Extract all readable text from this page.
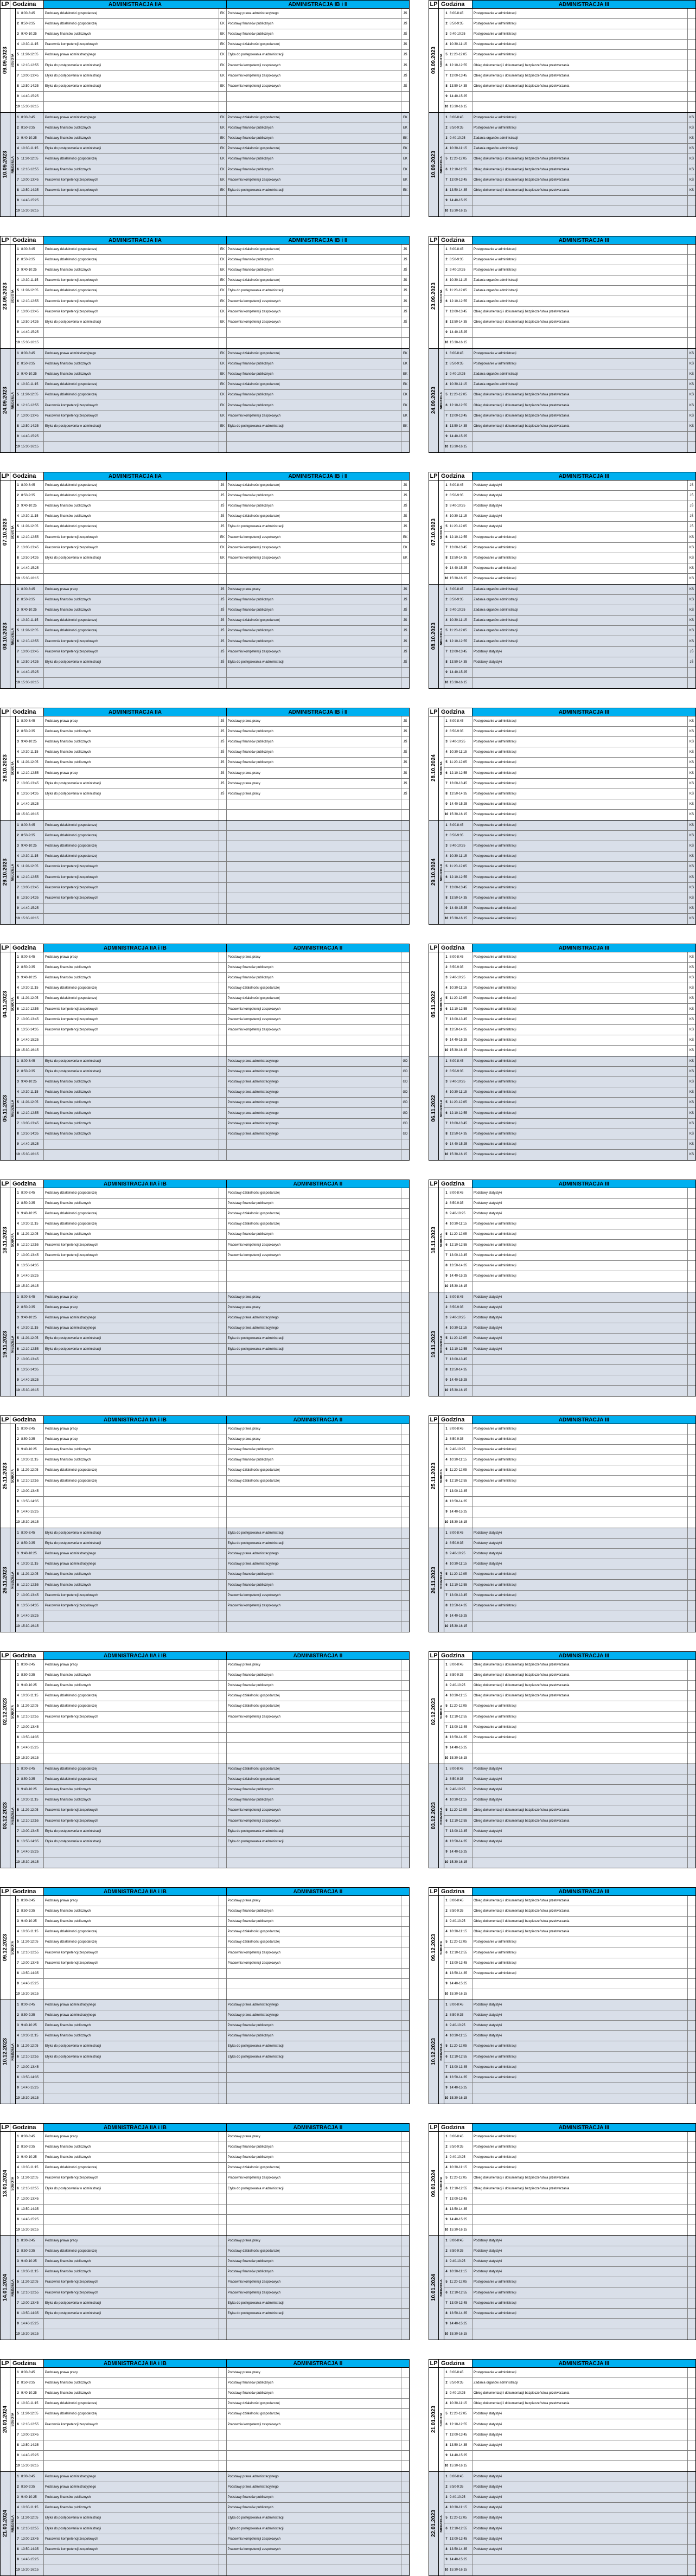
LP Godzina	ADMINISTRACJA IIA	ADMINISTRACJA IB i II	LP Godzina	ADMINISTRACJA III
09.09.2023 SOBOTA
1 8:00-8:45	Podstawy działalności gospodarczej	EK Podstawy prawa administracyjnego	JŚ
2 8:50-9:35	Podstawy działalności gospodarczej	EK Podstawy finansów publicznych	JŚ
3 9:40-10:25	Podstawy finansów publicznych	EK Podstawy finansów publicznych	JŚ
4 10:30-11:15	Pracownia kompetencji zespołowych	EK Podstawy działalności gospodarczej	JŚ
5 11:20-12:05	Podstawy prawa administracyjnego	EK Etyka do postępowania w administracji	JŚ
6 12:10-12:55	Etyka do postępowania w administracji	EK Pracownia kompetencji zespołowych	JŚ
7 13:00-13:45	Etyka do postępowania w administracji	EK Pracownia kompetencji zespołowych	JŚ
8 13:50-14:35	Etyka do postępowania w administracji	EK Pracownia kompetencji zespołowych	JŚ
9 14:40-15:25
10 15:30-16:15
09.09.2023 SOBOTA
1 8:00-8:45	Postępowanie w administracji
2 8:50-9:35	Postępowanie w administracji
3 9:40-10:25	Postępowanie w administracji
4 10:30-11:15	Postępowanie w administracji
5 11:20-12:05	Postępowanie w administracji
6 12:10-12:55	Obieg dokumentacji i dokumentacji bezpieczeństwa przetwarzania
7 13:00-13:45	Obieg dokumentacji i dokumentacji bezpieczeństwa przetwarzania
8 13:50-14:35	Obieg dokumentacji i dokumentacji bezpieczeństwa przetwarzania
9 14:40-15:25
10 15:30-16:15
10.09.2023 NIEDZIELA
1 8:00-8:45	Podstawy prawa administracyjnego	EK Podstawy działalności gospodarczej	EK
2 8:50-9:35	Podstawy finansów publicznych	EK Podstawy finansów publicznych	EK
3 9:40-10:25	Podstawy finansów publicznych	EK Podstawy finansów publicznych	EK
4 10:30-11:15	Etyka do postępowania w administracji	EK Podstawy działalności gospodarczej	EK
5 11:20-12:05	Podstawy działalności gospodarczej	EK Podstawy finansów publicznych	EK
6 12:10-12:55	Podstawy finansów publicznych	EK Podstawy finansów publicznych	EK
7 13:00-13:45	Pracownia kompetencji zespołowych	EK Pracownia kompetencji zespołowych	EK
8 13:50-14:35	Pracownia kompetencji zespołowych	EK Etyka do postępowania w administracji	EK
9 14:40-15:25
10 15:30-16:15
10.09.2023 NIEDZIELA
1 8:00-8:45	Postępowanie w administracji	KŚ
2 8:50-9:35	Postępowanie w administracji	KŚ
3 9:40-10:25	Zadania organów administracji	KŚ
4 10:30-11:15	Zadania organów administracji	KŚ
5 11:20-12:05	Obieg dokumentacji i dokumentacji bezpieczeństwa przetwarzania	KŚ
6 12:10-12:55	Obieg dokumentacji i dokumentacji bezpieczeństwa przetwarzania	KŚ
7 13:00-13:45	Obieg dokumentacji i dokumentacji bezpieczeństwa przetwarzania	KŚ
8 13:50-14:35	Obieg dokumentacji i dokumentacji bezpieczeństwa przetwarzania	KŚ
9 14:40-15:25
10 15:30-16:15
LP Godzina	ADMINISTRACJA IIA	ADMINISTRACJA IB i II	LP Godzina	ADMINISTRACJA III
23.09.2023 SOBOTA
1 8:00-8:45	Podstawy działalności gospodarczej	EK Podstawy działalności gospodarczej	JŚ
2 8:50-9:35	Podstawy działalności gospodarczej	EK Podstawy finansów publicznych	JŚ
3 9:40-10:25	Podstawy finansów publicznych	EK Podstawy finansów publicznych	JŚ
4 10:30-11:15	Pracownia kompetencji zespołowych	EK Podstawy działalności gospodarczej	JŚ
5 11:20-12:05	Podstawy działalności gospodarczej	EK Etyka do postępowania w administracji	JŚ
6 12:10-12:55	Pracownia kompetencji zespołowych	EK Pracownia kompetencji zespołowych	JŚ
7 13:00-13:45	Pracownia kompetencji zespołowych	EK Pracownia kompetencji zespołowych	JŚ
8 13:50-14:35	Etyka do postępowania w administracji	EK Pracownia kompetencji zespołowych	JŚ
9 14:40-15:25
10 15:30-16:15
23.09.2023 SOBOTA
1 8:00-8:45	Postępowanie w administracji
2 8:50-9:35	Postępowanie w administracji
3 9:40-10:25	Postępowanie w administracji
4 10:30-11:15	Zadania organów administracji
5 11:20-12:05	Zadania organów administracji
6 12:10-12:55	Zadania organów administracji
7 13:00-13:45	Obieg dokumentacji i dokumentacji bezpieczeństwa przetwarzania
8 13:50-14:35	Obieg dokumentacji i dokumentacji bezpieczeństwa przetwarzania
9 14:40-15:25
10 15:30-16:15
24.09.2023 NIEDZIELA
1 8:00-8:45	Podstawy prawa administracyjnego	EK Podstawy działalności gospodarczej	EK
2 8:50-9:35	Podstawy finansów publicznych	EK Podstawy finansów publicznych	EK
3 9:40-10:25	Podstawy finansów publicznych	EK Podstawy finansów publicznych	EK
4 10:30-11:15	Podstawy działalności gospodarczej	EK Podstawy działalności gospodarczej	EK
5 11:20-12:05	Podstawy działalności gospodarczej	EK Podstawy finansów publicznych	EK
6 12:10-12:55	Pracownia kompetencji zespołowych	EK Podstawy finansów publicznych	EK
7 13:00-13:45	Pracownia kompetencji zespołowych	EK Pracownia kompetencji zespołowych	EK
8 13:50-14:35	Etyka do postępowania w administracji	EK Etyka do postępowania w administracji	EK
9 14:40-15:25
10 15:30-16:15
24.09.2023 NIEDZIELA
1 8:00-8:45	Postępowanie w administracji	KŚ
2 8:50-9:35	Postępowanie w administracji	KŚ
3 9:40-10:25	Zadania organów administracji	KŚ
4 10:30-11:15	Zadania organów administracji	KŚ
5 11:20-12:05	Obieg dokumentacji i dokumentacji bezpieczeństwa przetwarzania	KŚ
6 12:10-12:55	Obieg dokumentacji i dokumentacji bezpieczeństwa przetwarzania	KŚ
7 13:00-13:45	Obieg dokumentacji i dokumentacji bezpieczeństwa przetwarzania	KŚ
8 13:50-14:35	Obieg dokumentacji i dokumentacji bezpieczeństwa przetwarzania	KŚ
9 14:40-15:25
10 15:30-16:15
LP Godzina	ADMINISTRACJA IIA	ADMINISTRACJA IB i II	LP Godzina	ADMINISTRACJA III
07.10.2023 SOBOTA
1 8:00-8:45	Podstawy działalności gospodarczej	JŚ	Podstawy działalności gospodarczej	JŚ
2 8:50-9:35	Podstawy działalności gospodarczej	JŚ	Podstawy finansów publicznych	JŚ
3 9:40-10:25	Podstawy finansów publicznych	JŚ	Podstawy finansów publicznych	JŚ
4 10:30-11:15	Podstawy finansów publicznych	JŚ	Podstawy działalności gospodarczej	JŚ
5 11:20-12:05	Podstawy działalności gospodarczej	JŚ	Etyka do postępowania w administracji	JŚ
6 12:10-12:55	Pracownia kompetencji zespołowych	EK Pracownia kompetencji zespołowych	EK
7 13:00-13:45	Pracownia kompetencji zespołowych	EK Pracownia kompetencji zespołowych	EK
8 13:50-14:35	Etyka do postępowania w administracji	EK Pracownia kompetencji zespołowych	EK
9 14:40-15:25
10 15:30-16:15
07.10.2023 SOBOTA
1 8:00-8:45	Podstawy statystyki	JŚ
2 8:50-9:35	Podstawy statystyki	JŚ
3 9:40-10:25	Podstawy statystyki	JŚ
4 10:30-11:15	Podstawy statystyki	JŚ
5 11:20-12:05	Podstawy statystyki	JŚ
6 12:10-12:55	Postępowanie w administracji	KŚ
7 13:00-13:45	Postępowanie w administracji	KŚ
8 13:50-14:35	Postępowanie w administracji	KŚ
9 14:40-15:25	Postępowanie w administracji	KŚ
10 15:30-16:15	Postępowanie w administracji	KŚ
08.10.2023 NIEDZIELA
1 8:00-8:45	Podstawy prawa pracy	JŚ	Podstawy prawa pracy	JŚ
2 8:50-9:35	Podstawy finansów publicznych	JŚ	Podstawy finansów publicznych	JŚ
3 9:40-10:25	Podstawy finansów publicznych	JŚ	Podstawy finansów publicznych	JŚ
4 10:30-11:15	Podstawy działalności gospodarczej	JŚ	Podstawy działalności gospodarczej	JŚ
5 11:20-12:05	Podstawy działalności gospodarczej	JŚ	Podstawy finansów publicznych	JŚ
6 12:10-12:55	Pracownia kompetencji zespołowych	JŚ	Podstawy finansów publicznych	JŚ
7 13:00-13:45	Pracownia kompetencji zespołowych	JŚ	Pracownia kompetencji zespołowych	JŚ
8 13:50-14:35	Etyka do postępowania w administracji	JŚ	Etyka do postępowania w administracji	JŚ
9 14:40-15:25
10 15:30-16:15
08.10.2023 NIEDZIELA
1 8:00-8:45	Zadania organów administracji	KŚ
2 8:50-9:35	Zadania organów administracji	KŚ
3 9:40-10:25	Zadania organów administracji	KŚ
4 10:30-11:15	Zadania organów administracji	KŚ
5 11:20-12:05	Zadania organów administracji	KŚ
6 12:10-12:55	Zadania organów administracji	KŚ
7 13:00-13:45	Podstawy statystyki	JŚ
8 13:50-14:35	Podstawy statystyki	JŚ
9 14:40-15:25
10 15:30-16:15
LP Godzina	ADMINISTRACJA IIA	ADMINISTRACJA IB i II	LP Godzina	ADMINISTRACJA III
28.10.2023 SOBOTA
1 8:00-8:45	Podstawy prawa pracy	JŚ	Podstawy prawa pracy	JŚ
2 8:50-9:35	Podstawy finansów publicznych	JŚ	Podstawy finansów publicznych	JŚ
3 9:40-10:25	Podstawy finansów publicznych	JŚ	Podstawy finansów publicznych	JŚ
4 10:30-11:15	Podstawy finansów publicznych	JŚ	Podstawy finansów publicznych	JŚ
5 11:20-12:05	Podstawy finansów publicznych	JŚ	Podstawy finansów publicznych	JŚ
6 12:10-12:55	Podstawy prawa pracy	JŚ	Podstawy prawa pracy	JŚ
7 13:00-13:45	Etyka do postępowania w administracji	JŚ	Podstawy prawa pracy	JŚ
8 13:50-14:35	Etyka do postępowania w administracji	JŚ	Podstawy prawa pracy	JŚ
9 14:40-15:25
10 15:30-16:15
28.10.2024 SOBOTA
1 8:00-8:45	Postępowanie w administracji	KŚ
2 8:50-9:35	Postępowanie w administracji	KŚ
3 9:40-10:25	Postępowanie w administracji	KŚ
4 10:30-11:15	Postępowanie w administracji	KŚ
5 11:20-12:05	Postępowanie w administracji	KŚ
6 12:10-12:55	Postępowanie w administracji	KŚ
7 13:00-13:45	Postępowanie w administracji	KŚ
8 13:50-14:35	Postępowanie w administracji	KŚ
9 14:40-15:25	Postępowanie w administracji	KŚ
10 15:30-16:15	Postępowanie w administracji	KŚ
29.10.2023 NIEDZIELA
1 8:00-8:45	Podstawy działalności gospodarczej
2 8:50-9:35	Podstawy działalności gospodarczej
3 9:40-10:25	Podstawy działalności gospodarczej
4 10:30-11:15	Podstawy działalności gospodarczej
5 11:20-12:05	Pracownia kompetencji zespołowych
6 12:10-12:55	Pracownia kompetencji zespołowych
7 13:00-13:45	Pracownia kompetencji zespołowych
8 13:50-14:35	Pracownia kompetencji zespołowych
9 14:40-15:25
10 15:30-16:15
29.10.2024 NIEDZIELA
1 8:00-8:45	Postępowanie w administracji	KŚ
2 8:50-9:35	Postępowanie w administracji	KŚ
3 9:40-10:25	Postępowanie w administracji	KŚ
4 10:30-11:15	Postępowanie w administracji	KŚ
5 11:20-12:05	Postępowanie w administracji	KŚ
6 12:10-12:55	Postępowanie w administracji	KŚ
7 13:00-13:45	Postępowanie w administracji	KŚ
8 13:50-14:35	Postępowanie w administracji	KŚ
9 14:40-15:25	Postępowanie w administracji	KŚ
10 15:30-16:15	Postępowanie w administracji	KŚ
LP Godzina	ADMINISTRACJA IIA i IB	ADMINISTRACJA II	LP Godzina	ADMINISTRACJA III
04.11.2023 SOBOTA
1 8:00-8:45	Podstawy prawa pracy	Podstawy prawa pracy
2 8:50-9:35	Podstawy finansów publicznych	Podstawy finansów publicznych
3 9:40-10:25	Podstawy finansów publicznych	Podstawy finansów publicznych
4 10:30-11:15	Podstawy działalności gospodarczej	Podstawy działalności gospodarczej
5 11:20-12:05	Podstawy działalności gospodarczej	Podstawy działalności gospodarczej
6 12:10-12:55	Pracownia kompetencji zespołowych	Pracownia kompetencji zespołowych
7 13:00-13:45	Pracownia kompetencji zespołowych	Pracownia kompetencji zespołowych
8 13:50-14:35	Pracownia kompetencji zespołowych	Pracownia kompetencji zespołowych
9 14:40-15:25
10 15:30-16:15
05.11.2022 SOBOTA
1 8:00-8:45	Postępowanie w administracji	KŚ
2 8:50-9:35	Postępowanie w administracji	KŚ
3 9:40-10:25	Postępowanie w administracji	KŚ
4 10:30-11:15	Postępowanie w administracji	KŚ
5 11:20-12:05	Postępowanie w administracji	KŚ
6 12:10-12:55	Postępowanie w administracji	KŚ
7 13:00-13:45	Postępowanie w administracji	KŚ
8 13:50-14:35	Postępowanie w administracji	KŚ
9 14:40-15:25	Postępowanie w administracji	KŚ
10 15:30-16:15	Postępowanie w administracji	KŚ
05.11.2023 NIEDZIELA
1 8:00-8:45	Etyka do postępowania w administracji	Podstawy prawa administracyjnego	GD
2 8:50-9:35	Etyka do postępowania w administracji	Podstawy prawa administracyjnego	GD
3 9:40-10:25	Podstawy finansów publicznych	Podstawy prawa administracyjnego	GD
4 10:30-11:15	Podstawy finansów publicznych	Podstawy prawa administracyjnego	GD
5 11:20-12:05	Podstawy finansów publicznych	Podstawy prawa administracyjnego	GD
6 12:10-12:55	Podstawy finansów publicznych	Podstawy prawa administracyjnego	GD
7 13:00-13:45	Podstawy finansów publicznych	Podstawy prawa administracyjnego	GD
8 13:50-14:35	Podstawy finansów publicznych	Podstawy prawa administracyjnego	GD
9 14:40-15:25
10 15:30-16:15
06.11.2022 NIEDZIELA
1 8:00-8:45	Postępowanie w administracji	KŚ
2 8:50-9:35	Postępowanie w administracji	KŚ
3 9:40-10:25	Postępowanie w administracji	KŚ
4 10:30-11:15	Postępowanie w administracji	KŚ
5 11:20-12:05	Postępowanie w administracji	KŚ
6 12:10-12:55	Postępowanie w administracji	KŚ
7 13:00-13:45	Postępowanie w administracji	KŚ
8 13:50-14:35	Postępowanie w administracji	KŚ
9 14:40-15:25	Postępowanie w administracji	KŚ
10 15:30-16:15	Postępowanie w administracji	KŚ
LP Godzina	ADMINISTRACJA IIA i IB	ADMINISTRACJA II	LP Godzina	ADMINISTRACJA III
18.11.2023 SOBOTA
1 8:00-8:45	Podstawy działalności gospodarczej	Podstawy działalności gospodarczej
2 8:50-9:35	Podstawy finansów publicznych	Podstawy finansów publicznych
3 9:40-10:25	Podstawy działalności gospodarczej	Podstawy działalności gospodarczej
4 10:30-11:15	Podstawy działalności gospodarczej	Podstawy działalności gospodarczej
5 11:20-12:05	Podstawy finansów publicznych	Podstawy finansów publicznych
6 12:10-12:55	Pracownia kompetencji zespołowych	Pracownia kompetencji zespołowych
7 13:00-13:45	Pracownia kompetencji zespołowych	Pracownia kompetencji zespołowych
8 13:50-14:35
9 14:40-15:25
10 15:30-16:15
18.11.2023 SOBOTA
1 8:00-8:45	Podstawy statystyki
2 8:50-9:35	Podstawy statystyki
3 9:40-10:25	Podstawy statystyki
4 10:30-11:15	Postępowanie w administracji
5 11:20-12:05	Postępowanie w administracji
6 12:10-12:55	Postępowanie w administracji
7 13:00-13:45	Postępowanie w administracji
8 13:50-14:35	Postępowanie w administracji
9 14:40-15:25	Postępowanie w administracji
10 15:30-16:15
19.11.2023 NIEDZIELA
1 8:00-8:45	Podstawy prawa pracy	Podstawy prawa pracy
2 8:50-9:35	Podstawy prawa pracy	Podstawy prawa pracy
3 9:40-10:25	Podstawy prawa administracyjnego	Podstawy prawa administracyjnego
4 10:30-11:15	Podstawy prawa administracyjnego	Podstawy prawa administracyjnego
5 11:20-12:05	Etyka do postępowania w administracji	Etyka do postępowania w administracji
6 12:10-12:55	Etyka do postępowania w administracji	Etyka do postępowania w administracji
7 13:00-13:45
8 13:50-14:35
9 14:40-15:25
10 15:30-16:15
19.11.2023 NIEDZIELA
1 8:00-8:45	Podstawy statystyki
2 8:50-9:35	Podstawy statystyki
3 9:40-10:25	Podstawy statystyki
4 10:30-11:15	Podstawy statystyki
5 11:20-12:05	Podstawy statystyki
6 12:10-12:55	Podstawy statystyki
7 13:00-13:45
8 13:50-14:35
9 14:40-15:25
10 15:30-16:15
LP Godzina	ADMINISTRACJA IIA i IB	ADMINISTRACJA II	LP Godzina	ADMINISTRACJA III
25.11.2023 SOBOTA
1 8:00-8:45	Podstawy prawa pracy	Podstawy prawa pracy
2 8:50-9:35	Podstawy prawa pracy	Podstawy prawa pracy
3 9:40-10:25	Podstawy finansów publicznych	Podstawy finansów publicznych
4 10:30-11:15	Podstawy finansów publicznych	Podstawy finansów publicznych
5 11:20-12:05	Podstawy działalności gospodarczej	Podstawy działalności gospodarczej
6 12:10-12:55	Podstawy działalności gospodarczej	Podstawy działalności gospodarczej
7 13:00-13:45
8 13:50-14:35
9 14:40-15:25
10 15:30-16:15
25.11.2023 SOBOTA
1 8:00-8:45	Postępowanie w administracji
2 8:50-9:35	Postępowanie w administracji
3 9:40-10:25	Postępowanie w administracji
4 10:30-11:15	Postępowanie w administracji
5 11:20-12:05	Postępowanie w administracji
6 12:10-12:55	Postępowanie w administracji
7 13:00-13:45
8 13:50-14:35
9 14:40-15:25
10 15:30-16:15
26.11.2023 NIEDZIELA
1 8:00-8:45	Etyka do postępowania w administracji	Etyka do postępowania w administracji
2 8:50-9:35	Etyka do postępowania w administracji	Etyka do postępowania w administracji
3 9:40-10:25	Podstawy prawa administracyjnego	Podstawy prawa administracyjnego
4 10:30-11:15	Podstawy prawa administracyjnego	Podstawy prawa administracyjnego
5 11:20-12:05	Podstawy finansów publicznych	Podstawy finansów publicznych
6 12:10-12:55	Podstawy finansów publicznych	Podstawy finansów publicznych
7 13:00-13:45	Pracownia kompetencji zespołowych	Pracownia kompetencji zespołowych
8 13:50-14:35	Pracownia kompetencji zespołowych	Pracownia kompetencji zespołowych
9 14:40-15:25
10 15:30-16:15
26.11.2023 NIEDZIELA
1 8:00-8:45	Podstawy statystyki
2 8:50-9:35	Podstawy statystyki
3 9:40-10:25	Podstawy statystyki
4 10:30-11:15	Podstawy statystyki
5 11:20-12:05	Postępowanie w administracji
6 12:10-12:55	Postępowanie w administracji
7 13:00-13:45	Postępowanie w administracji
8 13:50-14:35	Postępowanie w administracji
9 14:40-15:25
10 15:30-16:15
LP Godzina	ADMINISTRACJA IIA i IB	ADMINISTRACJA II	LP Godzina	ADMINISTRACJA III
02.12.2023 SOBOTA
1 8:00-8:45	Podstawy prawa pracy	Podstawy prawa pracy
2 8:50-9:35	Podstawy finansów publicznych	Podstawy finansów publicznych
3 9:40-10:25	Podstawy finansów publicznych	Podstawy finansów publicznych
4 10:30-11:15	Podstawy działalności gospodarczej	Podstawy działalności gospodarczej
5 11:20-12:05	Podstawy działalności gospodarczej	Podstawy działalności gospodarczej
6 12:10-12:55	Pracownia kompetencji zespołowych	Pracownia kompetencji zespołowych
7 13:00-13:45
8 13:50-14:35
9 14:40-15:25
10 15:30-16:15
02.12.2023 SOBOTA
1 8:00-8:45	Obieg dokumentacji i dokumentacji bezpieczeństwa przetwarzania
2 8:50-9:35	Obieg dokumentacji i dokumentacji bezpieczeństwa przetwarzania
3 9:40-10:25	Obieg dokumentacji i dokumentacji bezpieczeństwa przetwarzania
4 10:30-11:15	Obieg dokumentacji i dokumentacji bezpieczeństwa przetwarzania
5 11:20-12:05	Postępowanie w administracji
6 12:10-12:55	Postępowanie w administracji
7 13:00-13:45	Postępowanie w administracji
8 13:50-14:35	Postępowanie w administracji
9 14:40-15:25
10 15:30-16:15
03.12.2023 NIEDZIELA
1 8:00-8:45	Podstawy działalności gospodarczej	Podstawy działalności gospodarczej
2 8:50-9:35	Podstawy działalności gospodarczej	Podstawy działalności gospodarczej
3 9:40-10:25	Podstawy finansów publicznych	Podstawy finansów publicznych
4 10:30-11:15	Podstawy finansów publicznych	Podstawy finansów publicznych
5 11:20-12:05	Pracownia kompetencji zespołowych	Pracownia kompetencji zespołowych
6 12:10-12:55	Pracownia kompetencji zespołowych	Pracownia kompetencji zespołowych
7 13:00-13:45	Etyka do postępowania w administracji	Etyka do postępowania w administracji
8 13:50-14:35	Etyka do postępowania w administracji	Etyka do postępowania w administracji
9 14:40-15:25
10 15:30-16:15
03.12.2023 NIEDZIELA
1 8:00-8:45	Podstawy statystyki
2 8:50-9:35	Podstawy statystyki
3 9:40-10:25	Podstawy statystyki
4 10:30-11:15	Podstawy statystyki
5 11:20-12:05	Obieg dokumentacji i dokumentacji bezpieczeństwa przetwarzania
6 12:10-12:55	Obieg dokumentacji i dokumentacji bezpieczeństwa przetwarzania
7 13:00-13:45	Podstawy statystyki
8 13:50-14:35	Podstawy statystyki
9 14:40-15:25
10 15:30-16:15
LP Godzina	ADMINISTRACJA IIA i IB	ADMINISTRACJA II	LP Godzina	ADMINISTRACJA III
09.12.2023 SOBOTA
1 8:00-8:45	Podstawy prawa pracy	Podstawy prawa pracy
2 8:50-9:35	Podstawy finansów publicznych	Podstawy finansów publicznych
3 9:40-10:25	Podstawy finansów publicznych	Podstawy finansów publicznych
4 10:30-11:15	Podstawy działalności gospodarczej	Podstawy działalności gospodarczej
5 11:20-12:05	Podstawy działalności gospodarczej	Podstawy działalności gospodarczej
6 12:10-12:55	Pracownia kompetencji zespołowych	Pracownia kompetencji zespołowych
7 13:00-13:45	Pracownia kompetencji zespołowych	Pracownia kompetencji zespołowych
8 13:50-14:35
9 14:40-15:25
10 15:30-16:15
09.12.2023 SOBOTA
1 8:00-8:45	Obieg dokumentacji i dokumentacji bezpieczeństwa przetwarzania
2 8:50-9:35	Obieg dokumentacji i dokumentacji bezpieczeństwa przetwarzania
3 9:40-10:25	Obieg dokumentacji i dokumentacji bezpieczeństwa przetwarzania
4 10:30-11:15	Obieg dokumentacji i dokumentacji bezpieczeństwa przetwarzania
5 11:20-12:05	Postępowanie w administracji
6 12:10-12:55	Postępowanie w administracji
7 13:00-13:45	Postępowanie w administracji
8 13:50-14:35	Postępowanie w administracji
9 14:40-15:25
10 15:30-16:15
10.12.2023 NIEDZIELA
1 8:00-8:45	Podstawy prawa administracyjnego	Podstawy prawa administracyjnego
2 8:50-9:35	Podstawy prawa administracyjnego	Podstawy prawa administracyjnego
3 9:40-10:25	Podstawy finansów publicznych	Podstawy finansów publicznych
4 10:30-11:15	Podstawy finansów publicznych	Podstawy finansów publicznych
5 11:20-12:05	Etyka do postępowania w administracji	Etyka do postępowania w administracji
6 12:10-12:55	Etyka do postępowania w administracji	Etyka do postępowania w administracji
7 13:00-13:45
8 13:50-14:35
9 14:40-15:25
10 15:30-16:15
10.12.2023 NIEDZIELA
1 8:00-8:45	Podstawy statystyki
2 8:50-9:35	Podstawy statystyki
3 9:40-10:25	Podstawy statystyki
4 10:30-11:15	Podstawy statystyki
5 11:20-12:05	Postępowanie w administracji
6 12:10-12:55	Postępowanie w administracji
7 13:00-13:45	Postępowanie w administracji
8 13:50-14:35	Postępowanie w administracji
9 14:40-15:25
10 15:30-16:15
LP Godzina	ADMINISTRACJA IIA i IB	ADMINISTRACJA II	LP Godzina	ADMINISTRACJA III
13.01.2024 SOBOTA
1 8:00-8:45	Podstawy prawa pracy	Podstawy prawa pracy
2 8:50-9:35	Podstawy finansów publicznych	Podstawy finansów publicznych
3 9:40-10:25	Podstawy finansów publicznych	Podstawy finansów publicznych
4 10:30-11:15	Podstawy działalności gospodarczej	Podstawy działalności gospodarczej
5 11:20-12:05	Pracownia kompetencji zespołowych	Pracownia kompetencji zespołowych
6 12:10-12:55	Etyka do postępowania w administracji	Etyka do postępowania w administracji
7 13:00-13:45
8 13:50-14:35
9 14:40-15:25
10 15:30-16:15
09.01.2024 SOBOTA
1 8:00-8:45	Postępowanie w administracji
2 8:50-9:35	Postępowanie w administracji
3 9:40-10:25	Postępowanie w administracji
4 10:30-11:15	Postępowanie w administracji
5 11:20-12:05	Obieg dokumentacji i dokumentacji bezpieczeństwa przetwarzania
6 12:10-12:55	Obieg dokumentacji i dokumentacji bezpieczeństwa przetwarzania
7 13:00-13:45
8 13:50-14:35
9 14:40-15:25
10 15:30-16:15
14.01.2024 NIEDZIELA
1 8:00-8:45	Podstawy prawa pracy	Podstawy prawa pracy
2 8:50-9:35	Podstawy działalności gospodarczej	Podstawy działalności gospodarczej
3 9:40-10:25	Podstawy finansów publicznych	Podstawy finansów publicznych
4 10:30-11:15	Podstawy finansów publicznych	Podstawy finansów publicznych
5 11:20-12:05	Pracownia kompetencji zespołowych	Pracownia kompetencji zespołowych
6 12:10-12:55	Pracownia kompetencji zespołowych	Pracownia kompetencji zespołowych
7 13:00-13:45	Etyka do postępowania w administracji	Etyka do postępowania w administracji
8 13:50-14:35	Etyka do postępowania w administracji	Etyka do postępowania w administracji
9 14:40-15:25
10 15:30-16:15
10.01.2024 NIEDZIELA
1 8:00-8:45	Podstawy statystyki
2 8:50-9:35	Podstawy statystyki
3 9:40-10:25	Podstawy statystyki
4 10:30-11:15	Podstawy statystyki
5 11:20-12:05	Postępowanie w administracji
6 12:10-12:55	Postępowanie w administracji
7 13:00-13:45	Postępowanie w administracji
8 13:50-14:35	Postępowanie w administracji
9 14:40-15:25
10 15:30-16:15
LP Godzina	ADMINISTRACJA IIA i IB	ADMINISTRACJA II	LP Godzina	ADMINISTRACJA III
20.01.2024 SOBOTA
1 8:00-8:45	Podstawy prawa pracy	Podstawy prawa pracy
2 8:50-9:35	Podstawy finansów publicznych	Podstawy finansów publicznych
3 9:40-10:25	Podstawy finansów publicznych	Podstawy finansów publicznych
4 10:30-11:15	Podstawy działalności gospodarczej	Podstawy działalności gospodarczej
5 11:20-12:05	Podstawy działalności gospodarczej	Podstawy działalności gospodarczej
6 12:10-12:55	Pracownia kompetencji zespołowych	Pracownia kompetencji zespołowych
7 13:00-13:45
8 13:50-14:35
9 14:40-15:25
10 15:30-16:15
21.01.2023 SOBOTA
1 8:00-8:45	Postępowanie w administracji
2 8:50-9:35	Zadania organów administracji
3 9:40-10:25	Obieg dokumentacji i dokumentacji bezpieczeństwa przetwarzania
4 10:30-11:15	Obieg dokumentacji i dokumentacji bezpieczeństwa przetwarzania
5 11:20-12:05	Podstawy statystyki
6 12:10-12:55	Podstawy statystyki
7 13:00-13:45	Podstawy statystyki
8 13:50-14:35	Podstawy statystyki
9 14:40-15:25
10 15:30-16:15
21.01.2024 NIEDZIELA
1 8:00-8:45	Podstawy prawa administracyjnego	Podstawy prawa administracyjnego
2 8:50-9:35	Podstawy prawa administracyjnego	Podstawy prawa administracyjnego
3 9:40-10:25	Podstawy finansów publicznych	Podstawy finansów publicznych
4 10:30-11:15	Podstawy finansów publicznych	Podstawy finansów publicznych
5 11:20-12:05	Etyka do postępowania w administracji	Etyka do postępowania w administracji
6 12:10-12:55	Etyka do postępowania w administracji	Etyka do postępowania w administracji
7 13:00-13:45	Pracownia kompetencji zespołowych	Pracownia kompetencji zespołowych
8 13:50-14:35	Pracownia kompetencji zespołowych	Pracownia kompetencji zespołowych
9 14:40-15:25
10 15:30-16:15
22.01.2023 NIEDZIELA
1 8:00-8:45	Podstawy statystyki
2 8:50-9:35	Podstawy statystyki
3 9:40-10:25	Podstawy statystyki
4 10:30-11:15	Podstawy statystyki
5 11:20-12:05	Podstawy statystyki
6 12:10-12:55	Podstawy statystyki
7 13:00-13:45	Podstawy statystyki
8 13:50-14:35	Podstawy statystyki
9 14:40-15:25
10 15:30-16:15
